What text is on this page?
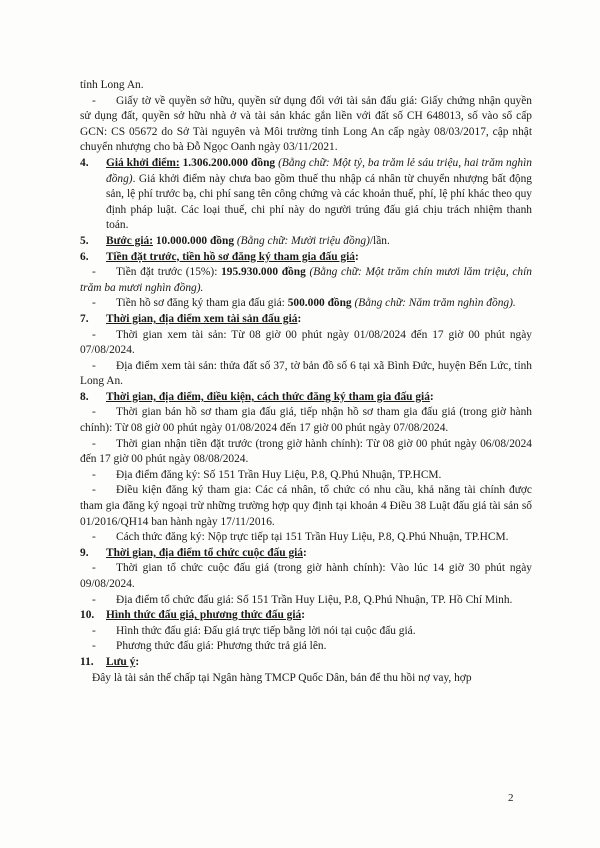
tỉnh Long An.

- Giấy tờ về quyền sở hữu, quyền sử dụng đối với tài sản đấu giá: Giấy chứng nhận quyền sử dụng đất, quyền sở hữu nhà ở và tài sản khác gắn liền với đất số CH 648013, số vào sổ cấp GCN: CS 05672 do Sở Tài nguyên và Môi trường tỉnh Long An cấp ngày 08/03/2017, cập nhật chuyển nhượng cho bà Đỗ Ngọc Oanh ngày 03/11/2021.

4.	Giá khởi điểm: 1.306.200.000 đồng (Bằng chữ: Một tỷ, ba trăm lẻ sáu triệu, hai trăm nghìn đồng). Giá khởi điểm này chưa bao gồm thuế thu nhập cá nhân từ chuyển nhượng bất động sản, lệ phí trước bạ, chi phí sang tên công chứng và các khoản thuế, phí, lệ phí khác theo quy định pháp luật. Các loại thuế, chi phí này do người trúng đấu giá chịu trách nhiệm thanh toán.
5.	Bước giá: 10.000.000 đồng (Bằng chữ: Mười triệu đồng)/lần.
6.	Tiền đặt trước, tiền hồ sơ đăng ký tham gia đấu giá:

- Tiền đặt trước (15%): 195.930.000 đồng (Bằng chữ: Một trăm chín mươi lăm triệu, chín trăm ba mươi nghìn đồng).

- Tiền hồ sơ đăng ký tham gia đấu giá: 500.000 đồng (Bằng chữ: Năm trăm nghìn đồng).

7.	Thời gian, địa điểm xem tài sản đấu giá:

- Thời gian xem tài sản: Từ 08 giờ 00 phút ngày 01/08/2024 đến 17 giờ 00 phút ngày 07/08/2024.

- Địa điểm xem tài sản: thửa đất số 37, tờ bản đồ số 6 tại xã Bình Đức, huyện Bến Lức, tỉnh Long An.

8.	Thời gian, địa điểm, điều kiện, cách thức đăng ký tham gia đấu giá:

- Thời gian bán hồ sơ tham gia đấu giá, tiếp nhận hồ sơ tham gia đấu giá (trong giờ hành chính): Từ 08 giờ 00 phút ngày 01/08/2024 đến 17 giờ 00 phút ngày 07/08/2024.

- Thời gian nhận tiền đặt trước (trong giờ hành chính): Từ 08 giờ 00 phút ngày 06/08/2024 đến 17 giờ 00 phút ngày 08/08/2024.

- Địa điểm đăng ký: Số 151 Trần Huy Liệu, P.8, Q.Phú Nhuận, TP.HCM.

- Điều kiện đăng ký tham gia: Các cá nhân, tổ chức có nhu cầu, khả năng tài chính được tham gia đăng ký ngoại trừ những trường hợp quy định tại khoản 4 Điều 38 Luật đấu giá tài sản số 01/2016/QH14 ban hành ngày 17/11/2016.

- Cách thức đăng ký: Nộp trực tiếp tại 151 Trần Huy Liệu, P.8, Q.Phú Nhuận, TP.HCM.

9.	Thời gian, địa điểm tổ chức cuộc đấu giá:

- Thời gian tổ chức cuộc đấu giá (trong giờ hành chính): Vào lúc 14 giờ 30 phút ngày 09/08/2024.

- Địa điểm tổ chức đấu giá: Số 151 Trần Huy Liệu, P.8, Q.Phú Nhuận, TP. Hồ Chí Minh.

10.	Hình thức đấu giá, phương thức đấu giá:

- Hình thức đấu giá: Đấu giá trực tiếp bằng lời nói tại cuộc đấu giá.

- Phương thức đấu giá: Phương thức trả giá lên.

11.	Lưu ý:

Đây là tài sản thế chấp tại Ngân hàng TMCP Quốc Dân, bán để thu hồi nợ vay, hợp

2
